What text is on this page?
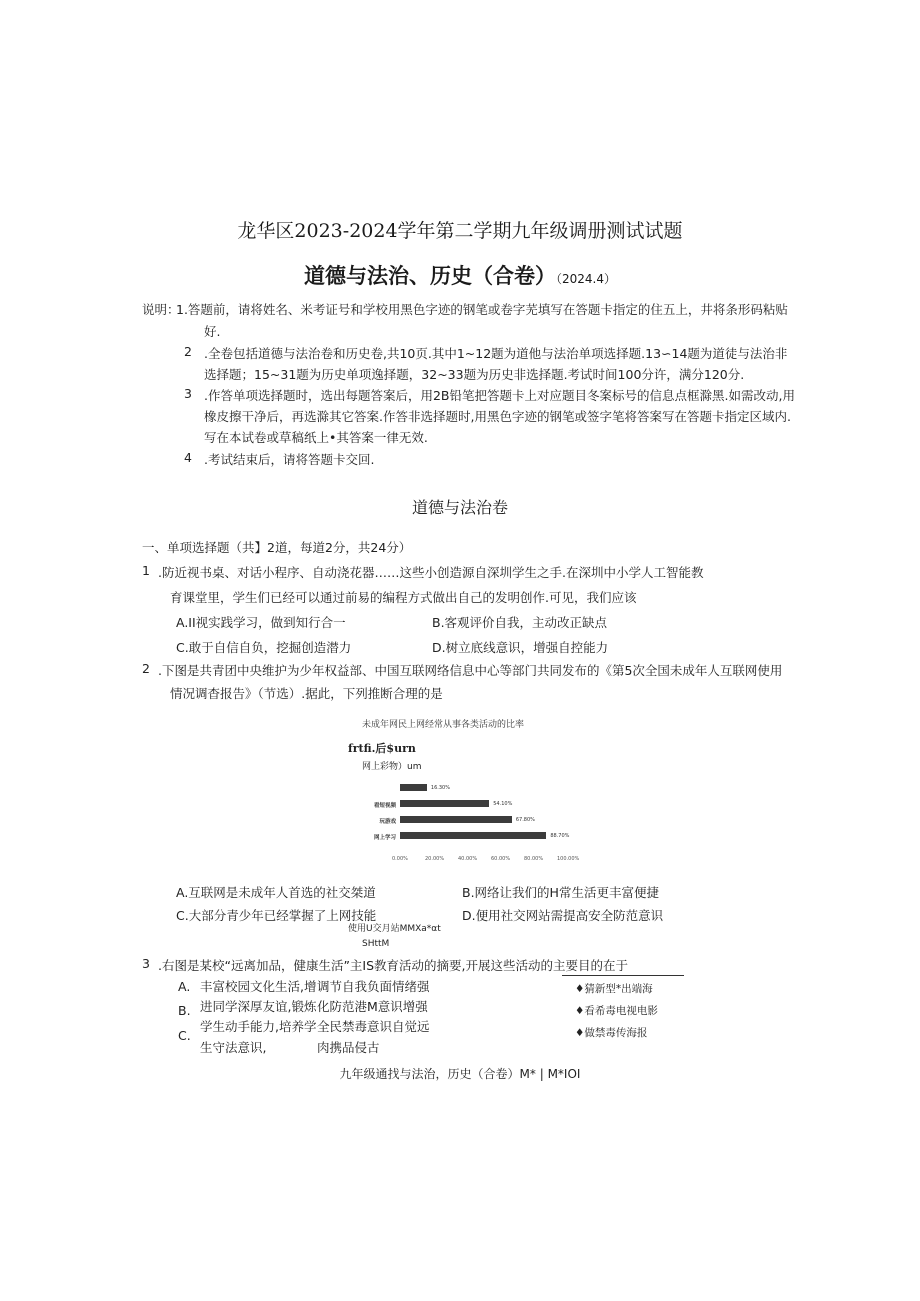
龙华区2023-2024学年第二学期九年级调册测试试题
道德与法治、历史（合卷）（2024.4）
说明：
1.答题前，请将姓名、米考证号和学校用黑色字迹的钢笔或卷字芜填写在答题卡指定的住五上，井将条形码粘贴
好.
2 .全卷包括道德与法治卷和历史卷,共10页.其中1~12题为道他与法治单项选择题.13∽14题为道徒与法治非
选择题；15~31题为历史单项逸择题，32~33题为历史非选择题.考试时间100分许，满分120分.
3 .作答单项选择题时，选出每题答案后，用2B铅笔把答题卡上对应题目冬案标号的信息点框滁黑.如需改动,用
橡皮擦干净后，再选滁其它答案.作答非选择题时,用黑色字迹的钢笔或签字笔将答案写在答题卡指定区域内.
写在本试卷或草稿纸上•其答案一律无效.
4 .考试结束后，请将答题卡交回.
道德与法治卷
一、单项选择题（共】2道，每道2分，共24分）
1 .防近视书桌、对话小程序、自动浇花器……这些小创造源自深圳学生之手.在深圳中小学人工智能教
育课堂里，学生们已经可以通过前易的编程方式做出自己的发明创作.可见，我们应该
A.II视实践学习，做到知行合一	B.客观评价自我，主动改正缺点
C.敢于自信自负，挖掘创造潜力	D.树立底线意识，增强自控能力
2 .下图是共青团中央维护为少年权益部、中国互联网络信息中心等部门共同发布的《第5次全国未成年人互联网使用
情况调杳报告》（节选）.据此，下列推断合理的是
未成年网民上网经常从事各类活动的比率
frtfi.后$urn
网上彩物）um
16.30%
54.10%
看短视频
67.80%
玩游戏
88.70%
网上学习
0.00%	20.00%	40.00%	60.00%	80.00%	100.00%
A.互联网是未成年人首选的社交桀道	B.网络让我们的H常生活更丰富便捷
C.大部分青少年已经掌握了上网技能	D.便用社交网站需提高安全防范意识
使用U交月站MMXa*αt
SHttM
3 .右图是某校“远离加品，健康生活”主IS教育活动的摘要,开展这些活动的主要目的在于
A.
B.
C.
丰富校园文化生活,增
进同学深厚友谊,锻炼
学生动手能力,培养学
生守法意识,
调节自我负面情绪强
化防范港M意识增强
全民禁毒意识自觉远
肉携品侵古
♦猜新型*出端海
♦看希毒电视电影
♦做禁毒传海报
九年级通找与法治，历史（合卷）M* | M*IOI
